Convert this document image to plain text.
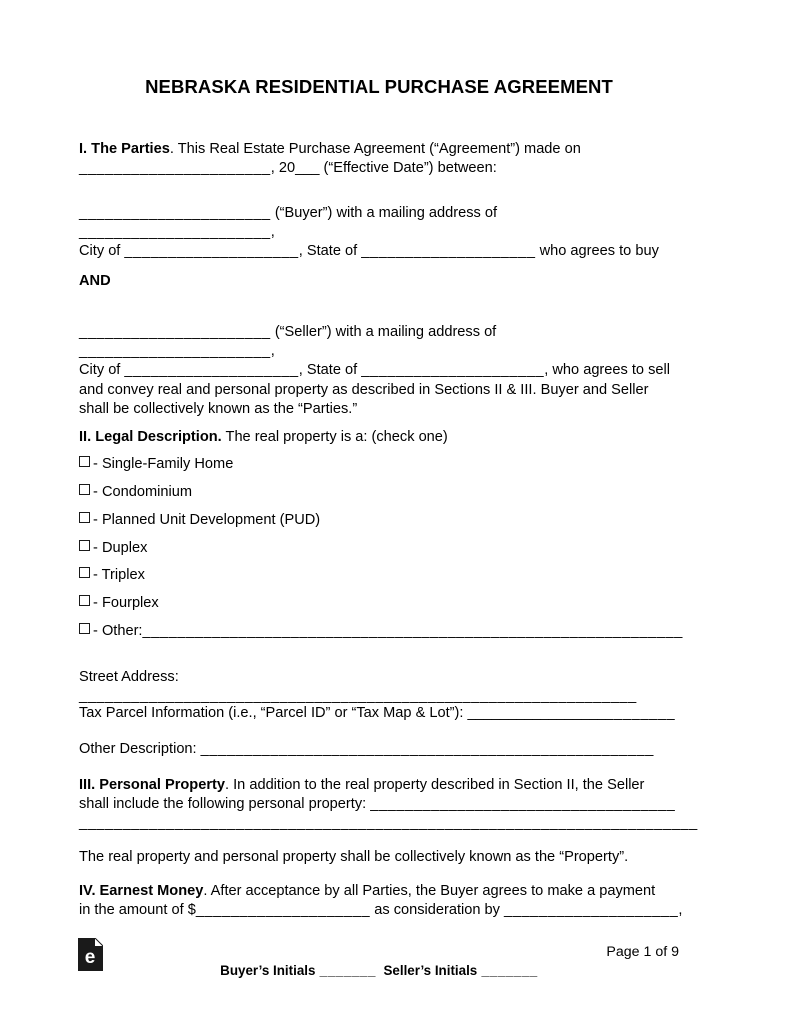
NEBRASKA RESIDENTIAL PURCHASE AGREEMENT
I. The Parties. This Real Estate Purchase Agreement (“Agreement”) made on
______________________, 20___ (“Effective Date”) between:
______________________ (“Buyer”) with a mailing address of ______________________,
City of ____________________, State of ____________________ who agrees to buy
AND
______________________ (“Seller”) with a mailing address of ______________________,
City of ____________________, State of _____________________, who agrees to sell
and convey real and personal property as described in Sections II & III. Buyer and Seller
shall be collectively known as the “Parties.”
II. Legal Description. The real property is a: (check one)
- Single-Family Home
- Condominium
- Planned Unit Development (PUD)
- Duplex
- Triplex
- Fourplex
- Other:______________________________________________________________
Street Address: ________________________________________________________________
Tax Parcel Information (i.e., “Parcel ID” or “Tax Map & Lot”): _________________________
Other Description: ____________________________________________________
III. Personal Property. In addition to the real property described in Section II, the Seller
shall include the following personal property: ___________________________________
_______________________________________________________________________
The real property and personal property shall be collectively known as the “Property”.
IV. Earnest Money. After acceptance by all Parties, the Buyer agrees to make a payment
in the amount of $____________________ as consideration by ____________________,
Page 1 of 9
Buyer’s Initials _______ Seller’s Initials _______
e
